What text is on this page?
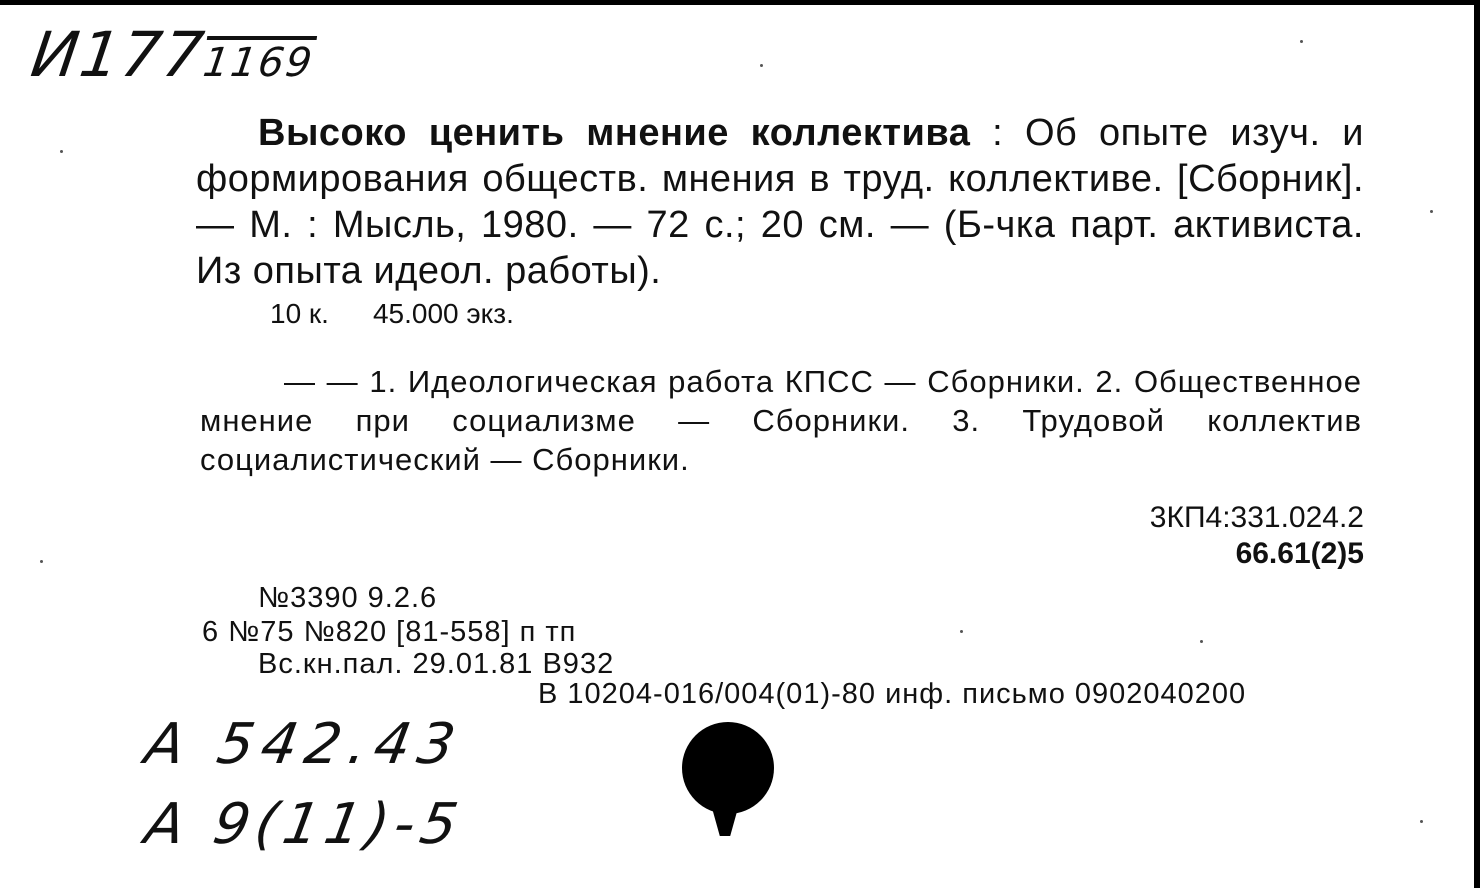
И1771169
Высоко ценить мнение коллектива : Об опыте изуч. и формирования обществ. мнения в труд. коллективе. [Сборник]. — М. : Мысль, 1980. — 72 с.; 20 см. — (Б-чка парт. активиста. Из опыта идеол. работы).
10 к. 45.000 экз.
— — 1. Идеологическая работа КПСС — Сборники. 2. Общественное мнение при социализме — Сборники. 3. Трудовой коллектив социалистический — Сборники.
3КП4:331.024.2
66.61(2)5
№3390 9.2.6
6 №75 №820 [81-558] п тп
Вс.кн.пал. 29.01.81 В932
В 10204-016/004(01)-80 инф. письмо 0902040200
А 542.43
А 9(11)-5
